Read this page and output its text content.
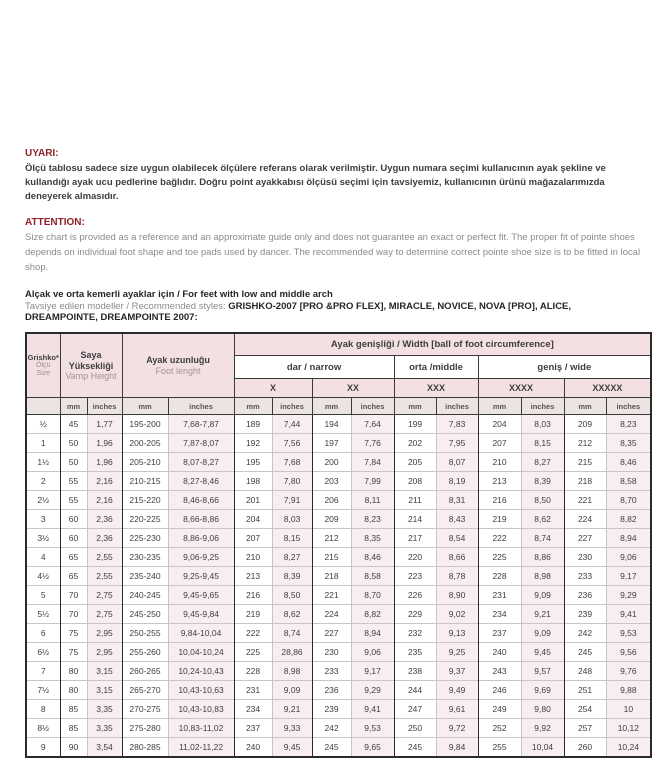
UYARI:

Ölçü tablosu sadece size uygun olabilecek ölçülere referans olarak verilmiştir. Uygun numara seçimi kullanıcının ayak şekline ve kullandığı ayak ucu pedlerine bağlıdır. Doğru point ayakkabısı ölçüsü seçimi için tavsiyemiz, kullanıcının ürünü mağazalarımızda deneyerek almasıdır.

ATTENTION:

Size chart is provided as a reference and an approximate guide only and does not guarantee an exact or perfect fit. The proper fit of pointe shoes depends on individual foot shape and toe pads used by dancer. The recommended way to determine correct pointe shoe size is to be fitted in local shop.

Alçak ve orta kemerli ayaklar için / For feet with low and middle arch

Tavsiye edilen modeller / Recommended styles: GRISHKO-2007 [PRO &PRO FLEX], MIRACLE, NOVICE, NOVA [PRO], ALICE, DREAMPOINTE, DREAMPOINTE 2007:

Grishko*
Ölçü
Size

Saya Yüksekliği
Vamp Height

Ayak uzunluğu
Foot lenght
	Ayak genişliği / Width [ball of foot circumference]
					dar / narrow				orta /middle		geniş / wide			
					X		XX		XXX		XXXX		XXXXX	
	mm	inches	mm	inches	mm	inches	mm	inches	mm	inches	mm	inches	mm	inches
½	45	1,77	195-200	7,68-7,87	189	7,44	194	7,64	199	7,83	204	8,03	209	8,23
1	50	1,96	200-205	7,87-8,07	192	7,56	197	7,76	202	7,95	207	8,15	212	8,35
1½	50	1,96	205-210	8,07-8,27	195	7,68	200	7,84	205	8,07	210	8,27	215	8,46
2	55	2,16	210-215	8,27-8,46	198	7,80	203	7,99	208	8,19	213	8,39	218	8,58
2½	55	2,16	215-220	8,46-8,66	201	7,91	206	8,11	211	8,31	216	8,50	221	8,70
3	60	2,36	220-225	8,66-8,86	204	8,03	209	8,23	214	8,43	219	8,62	224	8,82
3½	60	2,36	225-230	8,86-9,06	207	8,15	212	8,35	217	8,54	222	8,74	227	8,94
4	65	2,55	230-235	9,06-9,25	210	8,27	215	8,46	220	8,66	225	8,86	230	9,06
4½	65	2,55	235-240	9,25-9,45	213	8,39	218	8,58	223	8,78	228	8,98	233	9,17
5	70	2,75	240-245	9,45-9,65	216	8,50	221	8,70	226	8,90	231	9,09	236	9,29
5½	70	2,75	245-250	9,45-9,84	219	8,62	224	8,82	229	9,02	234	9,21	239	9,41
6	75	2,95	250-255	9,84-10,04	222	8,74	227	8,94	232	9,13	237	9,09	242	9,53
6½	75	2,95	255-260	10,04-10,24	225	28,86	230	9,06	235	9,25	240	9,45	245	9,56
7	80	3,15	260-265	10,24-10,43	228	8,98	233	9,17	238	9,37	243	9,57	248	9,76
7½	80	3,15	265-270	10,43-10,63	231	9,09	236	9,29	244	9,49	246	9,69	251	9,88
8	85	3,35	270-275	10,43-10,83	234	9,21	239	9,41	247	9,61	249	9,80	254	10
8½	85	3,35	275-280	10,83-11,02	237	9,33	242	9,53	250	9,72	252	9,92	257	10,12
9	90	3,54	280-285	11,02-11,22	240	9,45	245	9,65	245	9,84	255	10,04	260	10,24
